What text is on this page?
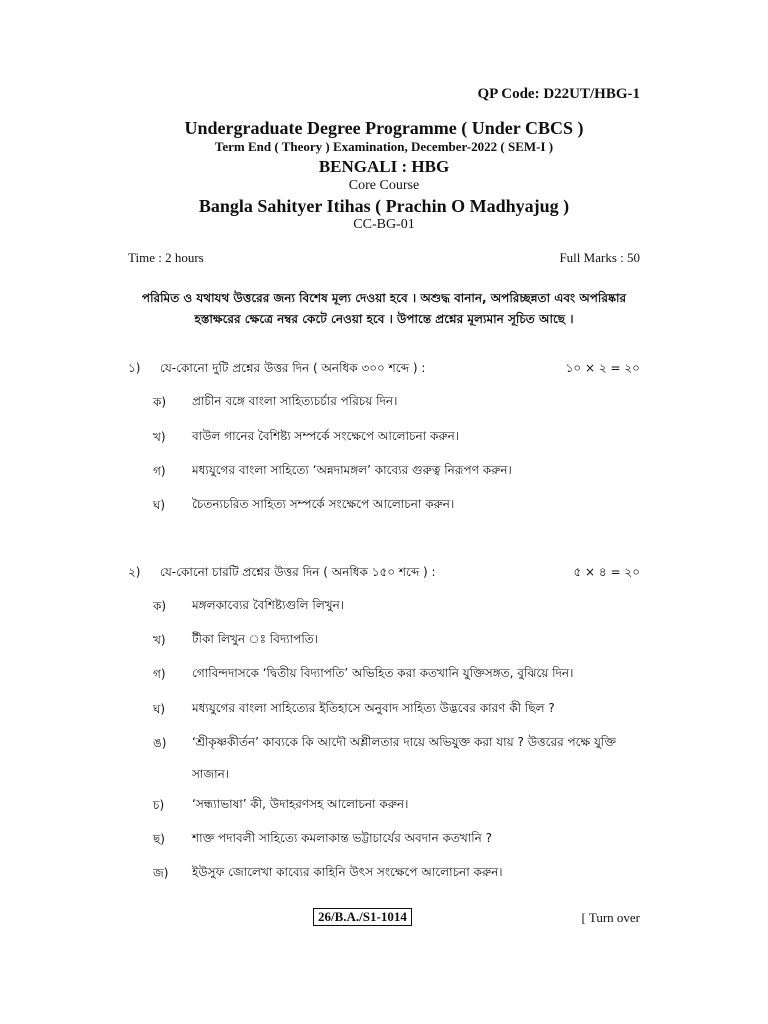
QP Code: D22UT/HBG-1
Undergraduate Degree Programme ( Under CBCS )
Term End ( Theory ) Examination, December-2022 ( SEM-I )
BENGALI : HBG
Core Course
Bangla Sahityer Itihas ( Prachin O Madhyajug )
CC-BG-01
Time : 2 hours	Full Marks : 50
পরিমিত ও যথাযথ উত্তরের জন্য বিশেষ মূল্য দেওয়া হবে । অশুদ্ধ বানান, অপরিচ্ছন্নতা এবং অপরিষ্কার
হস্তাক্ষরের ক্ষেত্রে নম্বর কেটে নেওয়া হবে । উপান্তে প্রশ্নের মূল্যমান সূচিত আছে ।
১) যে-কোনো দুটি প্রশ্নের উত্তর দিন ( অনধিক ৩০০ শব্দে ) :	১০ × ২ = ২০
ক) প্রাচীন বঙ্গে বাংলা সাহিত্যচর্চার পরিচয় দিন।
খ) বাউল গানের বৈশিষ্ট্য সম্পর্কে সংক্ষেপে আলোচনা করুন।
গ) মধ্যযুগের বাংলা সাহিত্যে ‘অন্নদামঙ্গল’ কাব্যের গুরুত্ব নিরূপণ করুন।
ঘ) চৈতন্যচরিত সাহিত্য সম্পর্কে সংক্ষেপে আলোচনা করুন।
২) যে-কোনো চারটি প্রশ্নের উত্তর দিন ( অনধিক ১৫০ শব্দে ) :	৫ × ৪ = ২০
ক) মঙ্গলকাব্যের বৈশিষ্ট্যগুলি লিখুন।
খ) টীকা লিখুন ঃ বিদ্যাপতি।
গ) গোবিন্দদাসকে ‘দ্বিতীয় বিদ্যাপতি’ অভিহিত করা কতখানি যুক্তিসঙ্গত, বুঝিয়ে দিন।
ঘ) মধ্যযুগের বাংলা সাহিত্যের ইতিহাসে অনুবাদ সাহিত্য উদ্ভবের কারণ কী ছিল ?
ঙ) ‘শ্রীকৃষ্ণকীর্তন’ কাব্যকে কি আদৌ অশ্লীলতার দায়ে অভিযুক্ত করা যায় ? উত্তরের পক্ষে যুক্তি সাজান।
চ) ‘সন্ধ্যাভাষা’ কী, উদাহরণসহ আলোচনা করুন।
ছ) শাক্ত পদাবলী সাহিত্যে কমলাকান্ত ভট্টাচার্যের অবদান কতখানি ?
জ) ইউসুফ জোলেখা কাব্যের কাহিনি উৎস সংক্ষেপে আলোচনা করুন।
26/B.A./S1-1014	[ Turn over
